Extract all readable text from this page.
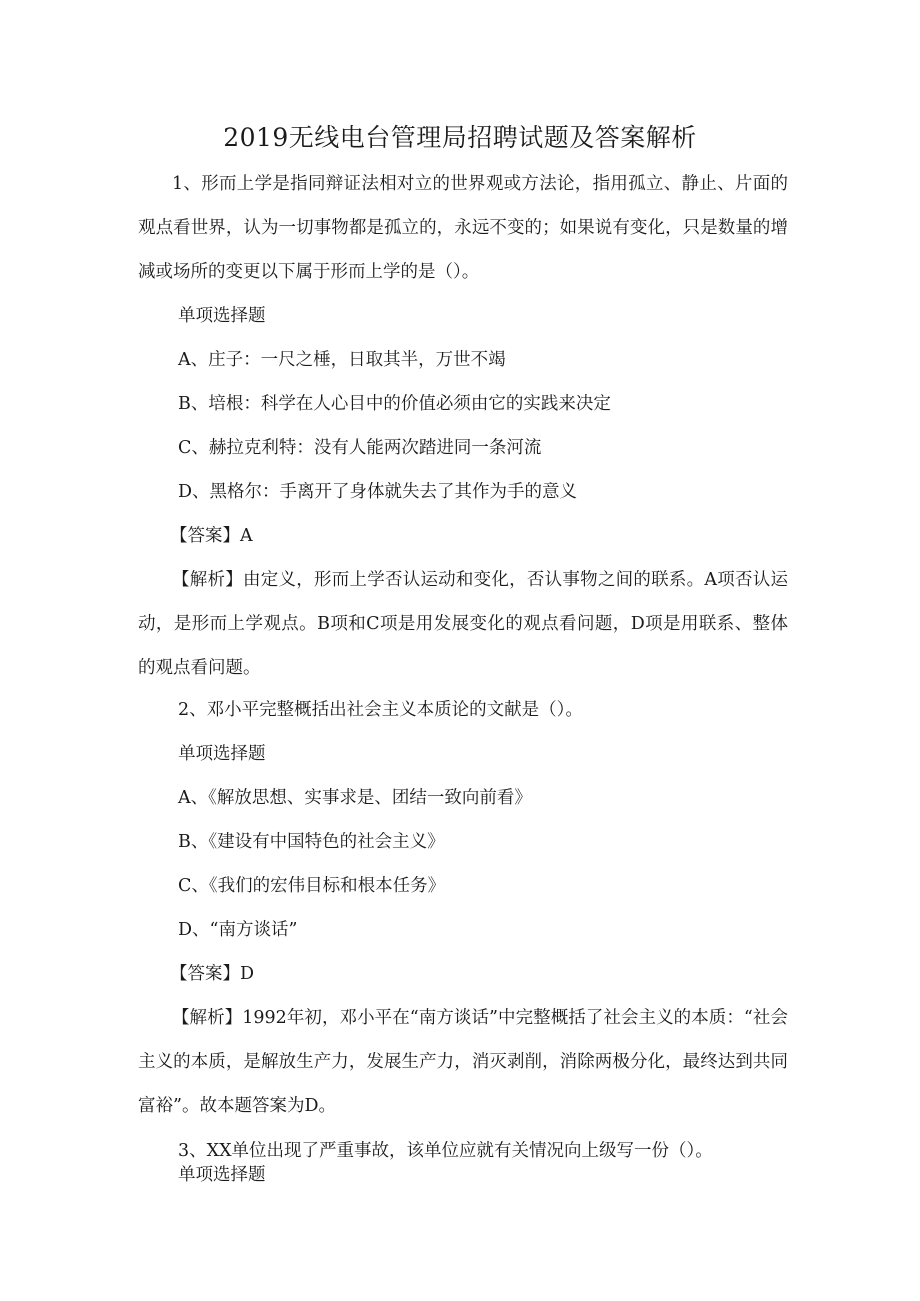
2019无线电台管理局招聘试题及答案解析
1、形而上学是指同辩证法相对立的世界观或方法论，指用孤立、静止、片面的观点看世界，认为一切事物都是孤立的，永远不变的；如果说有变化，只是数量的增减或场所的变更以下属于形而上学的是（）。
单项选择题
A、庄子：一尺之棰，日取其半，万世不竭
B、培根：科学在人心目中的价值必须由它的实践来决定
C、赫拉克利特：没有人能两次踏进同一条河流
D、黑格尔：手离开了身体就失去了其作为手的意义
【答案】A
【解析】由定义，形而上学否认运动和变化，否认事物之间的联系。A项否认运动，是形而上学观点。B项和C项是用发展变化的观点看问题，D项是用联系、整体的观点看问题。
2、邓小平完整概括出社会主义本质论的文献是（）。
单项选择题
A、《解放思想、实事求是、团结一致向前看》
B、《建设有中国特色的社会主义》
C、《我们的宏伟目标和根本任务》
D、“南方谈话”
【答案】D
【解析】1992年初，邓小平在“南方谈话”中完整概括了社会主义的本质：“社会主义的本质，是解放生产力，发展生产力，消灭剥削，消除两极分化，最终达到共同富裕”。故本题答案为D。
3、XX单位出现了严重事故，该单位应就有关情况向上级写一份（）。
单项选择题
